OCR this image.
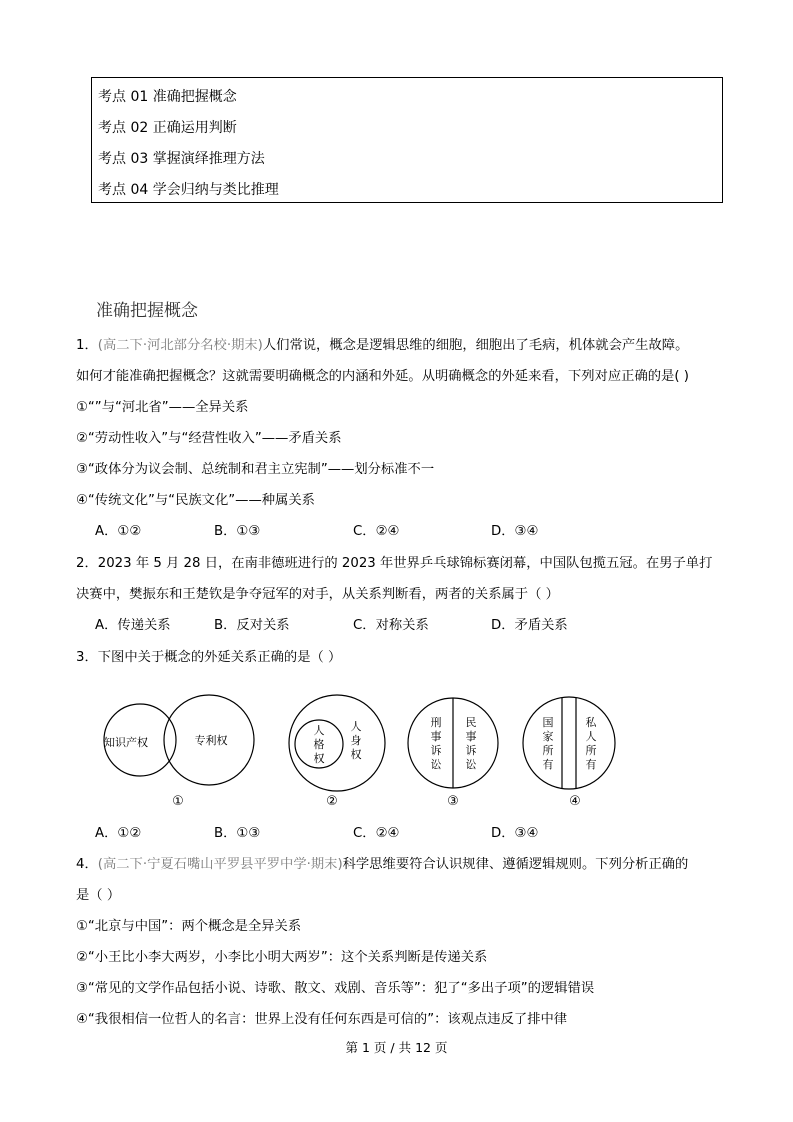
考点 01 准确把握概念
考点 02 正确运用判断
考点 03 掌握演绎推理方法
考点 04 学会归纳与类比推理
准确把握概念
1．(高二下·河北部分名校·期末)人们常说，概念是逻辑思维的细胞，细胞出了毛病，机体就会产生故障。
如何才能准确把握概念？这就需要明确概念的内涵和外延。从明确概念的外延来看，下列对应正确的是( )
①“”与“河北省”——全异关系
②“劳动性收入”与“经营性收入”——矛盾关系
③“政体分为议会制、总统制和君主立宪制”——划分标准不一
④“传统文化”与“民族文化”——种属关系
A．①②	B．①③	C．②④	D．③④
2．2023 年 5 月 28 日，在南非德班进行的 2023 年世界乒乓球锦标赛闭幕，中国队包揽五冠。在男子单打
决赛中，樊振东和王楚钦是争夺冠军的对手，从关系判断看，两者的关系属于（ ）
A．传递关系	B．反对关系	C．对称关系	D．矛盾关系
3．下图中关于概念的外延关系正确的是（ ）
知识产权	专利权
人
格
权
人
身
权
刑
事
诉
讼
民
事
诉
讼
国
家
所
有
私
人
所
有
①	②	③	④
A．①②	B．①③	C．②④	D．③④
4．(高二下·宁夏石嘴山平罗县平罗中学·期末)科学思维要符合认识规律、遵循逻辑规则。下列分析正确的
是（ ）
①“北京与中国”：两个概念是全异关系
②“小王比小李大两岁，小李比小明大两岁”：这个关系判断是传递关系
③“常见的文学作品包括小说、诗歌、散文、戏剧、音乐等”：犯了“多出子项”的逻辑错误
④“我很相信一位哲人的名言：世界上没有任何东西是可信的”：该观点违反了排中律
第 1 页 / 共 12 页
